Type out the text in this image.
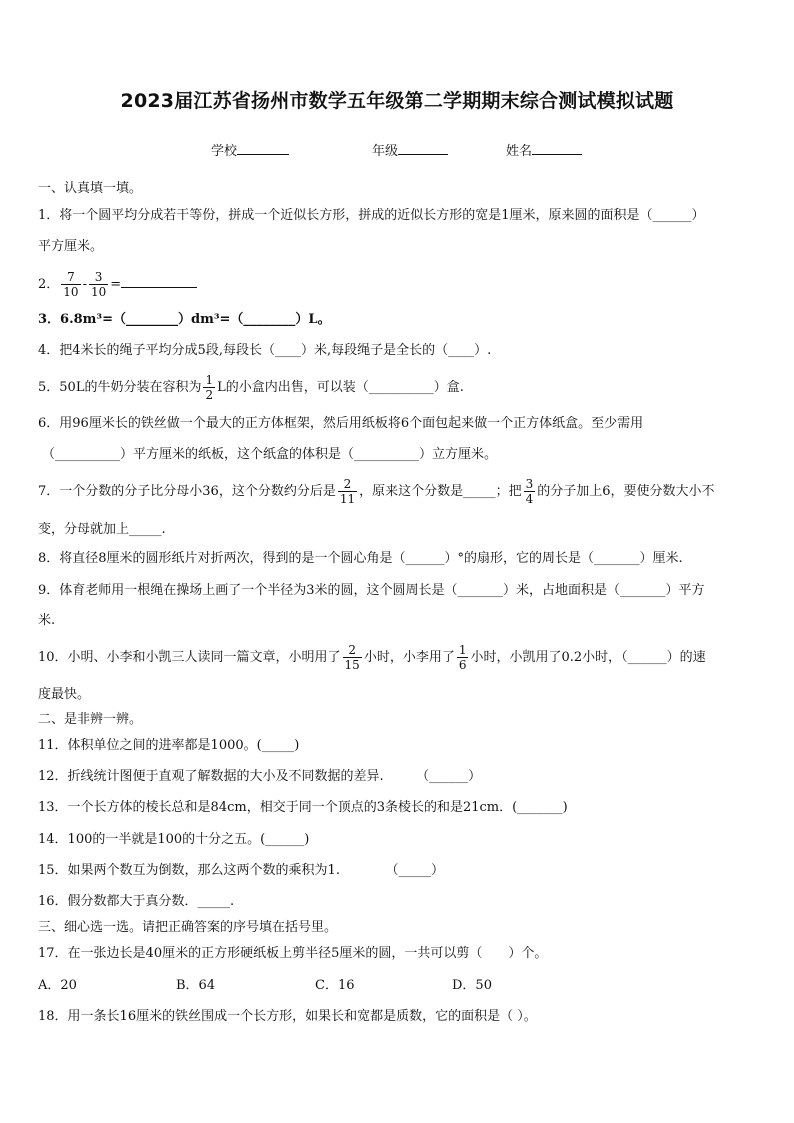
2023届江苏省扬州市数学五年级第二学期期末综合测试模拟试题
学校	年级	姓名
一、认真填一填。
1．将一个圆平均分成若干等份，拼成一个近似长方形，拼成的近似长方形的宽是1厘米，原来圆的面积是（______）
平方厘米。
2． $\frac{7}{10} - \frac{3}{10}$ =
3．6.8m³=（________）dm³=（________）L。
4．把4米长的绳子平均分成5段,每段长（____）米,每段绳子是全长的（____）.
5．50L的牛奶分装在容积为 $\frac{1}{2}$ L的小盒内出售，可以装（__________）盒.
6．用96厘米长的铁丝做一个最大的正方体框架，然后用纸板将6个面包起来做一个正方体纸盒。至少需用
（__________）平方厘米的纸板，这个纸盒的体积是（__________）立方厘米。
7．一个分数的分子比分母小36，这个分数约分后是 $\frac{2}{11}$ ，原来这个分数是_____；把 $\frac{3}{4}$ 的分子加上6，要使分数大小不
变，分母就加上_____.
8．将直径8厘米的圆形纸片对折两次，得到的是一个圆心角是（______）°的扇形，它的周长是（_______）厘米.
9．体育老师用一根绳在操场上画了一个半径为3米的圆，这个圆周长是（_______）米，占地面积是（_______）平方
米.
10．小明、小李和小凯三人读同一篇文章，小明用了 $\frac{2}{15}$ 小时，小李用了 $\frac{1}{6}$ 小时，小凯用了0.2小时，（______）的速
度最快。
二、是非辨一辨。
11．体积单位之间的进率都是1000。(_____)
12．折线统计图便于直观了解数据的大小及不同数据的差异.　　　（______）
13．一个长方体的棱长总和是84cm，相交于同一个顶点的3条棱长的和是21cm．(_______)
14．100的一半就是100的十分之五。(______)
15．如果两个数互为倒数，那么这两个数的乘积为1.　　　　（_____）
16．假分数都大于真分数．_____.
三、细心选一选。请把正确答案的序号填在括号里。
17．在一张边长是40厘米的正方形硬纸板上剪半径5厘米的圆，一共可以剪（　　）个。
A．20	B．64	C．16	D．50
18．用一条长16厘米的铁丝围成一个长方形，如果长和宽都是质数，它的面积是（ ）。
